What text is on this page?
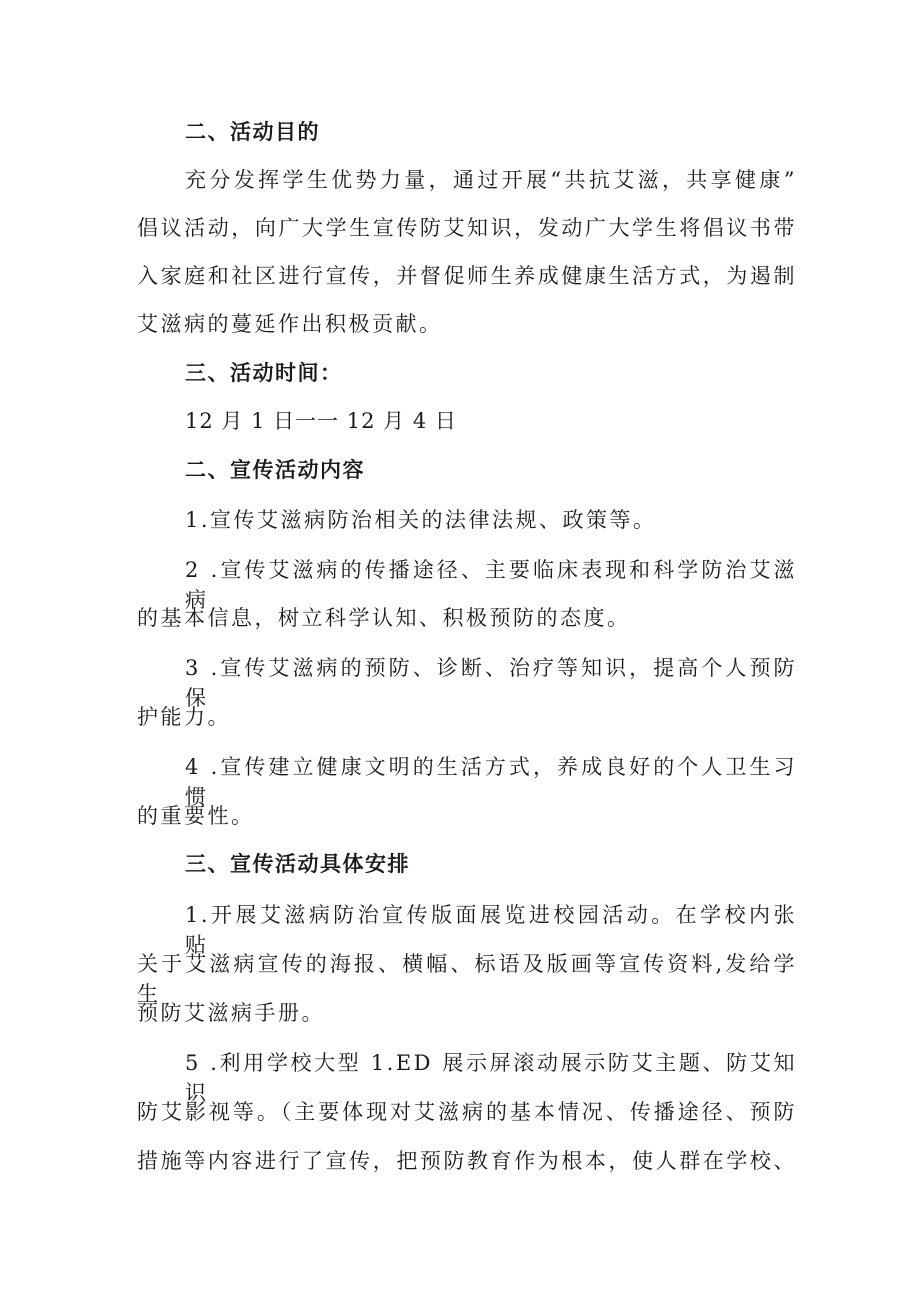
二、活动目的
充分发挥学生优势力量，通过开展“共抗艾滋，共享健康”
倡议活动，向广大学生宣传防艾知识，发动广大学生将倡议书带
入家庭和社区进行宣传，并督促师生养成健康生活方式，为遏制
艾滋病的蔓延作出积极贡献。
三、活动时间：
12 月 1 日一一 12 月 4 日
二、宣传活动内容
1.宣传艾滋病防治相关的法律法规、政策等。
2 .宣传艾滋病的传播途径、主要临床表现和科学防治艾滋病
的基本信息，树立科学认知、积极预防的态度。
3 .宣传艾滋病的预防、诊断、治疗等知识，提高个人预防保
护能力。
4 .宣传建立健康文明的生活方式，养成良好的个人卫生习惯
的重要性。
三、宣传活动具体安排
1.开展艾滋病防治宣传版面展览进校园活动。在学校内张贴
关于艾滋病宣传的海报、横幅、标语及版画等宣传资料,发给学生
预防艾滋病手册。
5 .利用学校大型 1.ED 展示屏滚动展示防艾主题、防艾知识
防艾影视等。（主要体现对艾滋病的基本情况、传播途径、预防
措施等内容进行了宣传，把预防教育作为根本，使人群在学校、
